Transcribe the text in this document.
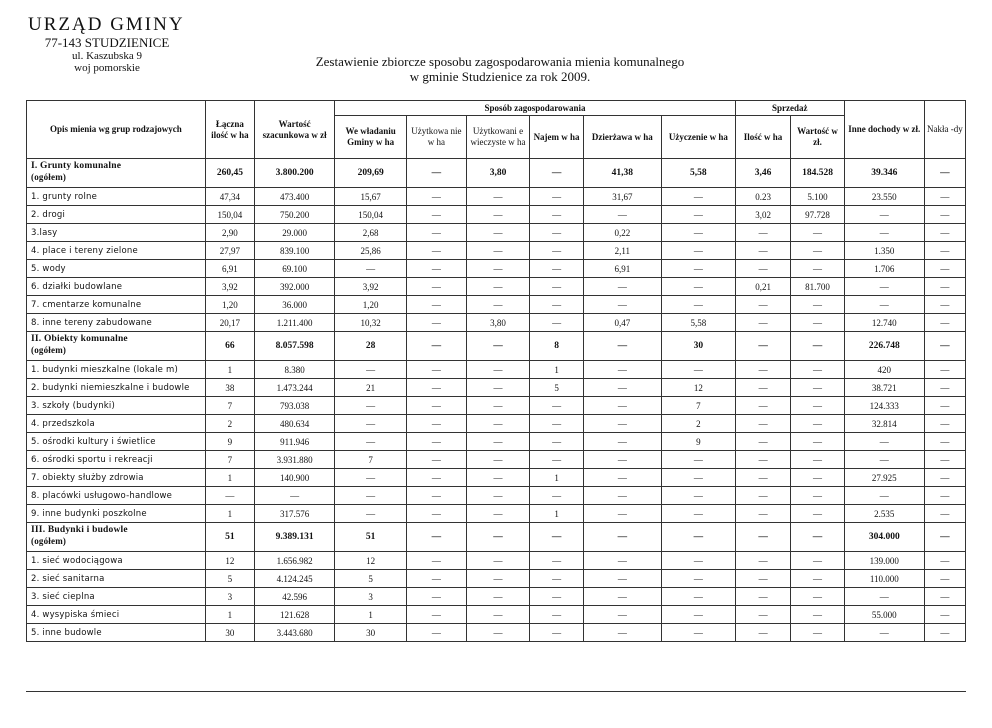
URZĄD GMINY
77-143 STUDZIENICE
ul. Kaszubska 9
woj pomorskie	Zestawienie zbiorcze sposobu zagospodarowania mienia komunalnego
w gminie Studzienice za rok 2009.
Opis mienia wg grup rodzajowych	Łączna ilość w ha	Wartość szacunkowa w zł	Sposób zagospodarowania						Sprzedaż		Inne dochody w zł.	Nakła -dy
			We władaniu Gminy w ha	Użytkowa nie w ha	Użytkowani e wieczyste w ha	Najem w ha	Dzierżawa w ha	Użyczenie w ha	Ilość w ha	Wartość w zł.		
I. Grunty komunalne
(ogółem)	260,45	3.800.200	209,69	—	3,80	—	41,38	5,58	3,46	184.528	39.346	—
1. grunty rolne	47,34	473.400	15,67	—	—	—	31,67	—	0.23	5.100	23.550	—
2. drogi	150,04	750.200	150,04	—	—	—	—	—	3,02	97.728	—	—
3.lasy	2,90	29.000	2,68	—	—	—	0,22	—	—	—	—	—
4. place i tereny zielone	27,97	839.100	25,86	—	—	—	2,11	—	—	—	1.350	—
5. wody	6,91	69.100	—	—	—	—	6,91	—	—	—	1.706	—
6. działki budowlane	3,92	392.000	3,92	—	—	—	—	—	0,21	81.700	—	—
7. cmentarze komunalne	1,20	36.000	1,20	—	—	—	—	—	—	—	—	—
8. inne tereny zabudowane	20,17	1.211.400	10,32	—	3,80	—	0,47	5,58	—	—	12.740	—
II. Obiekty komunalne
(ogółem)	66	8.057.598	28	—	—	8	—	30	—	—	226.748	—
1. budynki mieszkalne (lokale m)	1	8.380	—	—	—	1	—	—	—	—	420	—
2. budynki niemieszkalne i budowle	38	1.473.244	21	—	—	5	—	12	—	—	38.721	—
3. szkoły (budynki)	7	793.038	—	—	—	—	—	7	—	—	124.333	—
4. przedszkola	2	480.634	—	—	—	—	—	2	—	—	32.814	—
5. ośrodki kultury i świetlice	9	911.946	—	—	—	—	—	9	—	—	—	—
6. ośrodki sportu i rekreacji	7	3.931.880	7	—	—	—	—	—	—	—	—	—
7. obiekty służby zdrowia	1	140.900	—	—	—	1	—	—	—	—	27.925	—
8. placówki usługowo-handlowe	—	—	—	—	—	—	—	—	—	—	—	—
9. inne budynki poszkolne	1	317.576	—	—	—	1	—	—	—	—	2.535	—
III. Budynki i budowle
(ogółem)	51	9.389.131	51	—	—	—	—	—	—	—	304.000	—
1. sieć wodociągowa	12	1.656.982	12	—	—	—	—	—	—	—	139.000	—
2. sieć sanitarna	5	4.124.245	5	—	—	—	—	—	—	—	110.000	—
3. sieć cieplna	3	42.596	3	—	—	—	—	—	—	—	—	—
4. wysypiska śmieci	1	121.628	1	—	—	—	—	—	—	—	55.000	—
5. inne budowle	30	3.443.680	30	—	—	—	—	—	—	—	—	—
